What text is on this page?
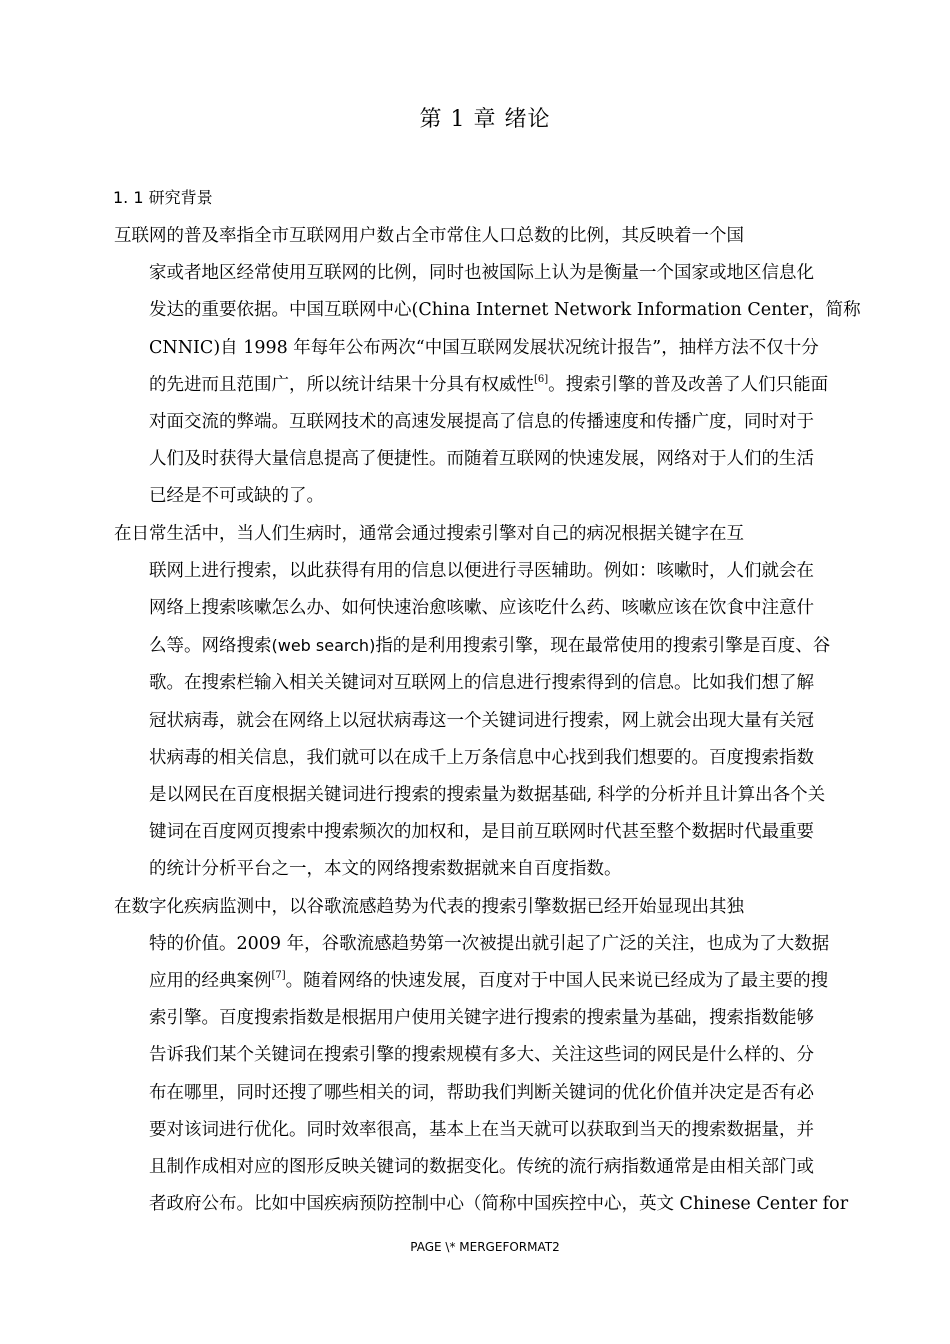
第 1 章 绪论
1. 1 研究背景

互联网的普及率指全市互联网用户数占全市常住人口总数的比例，其反映着一个国
家或者地区经常使用互联网的比例，同时也被国际上认为是衡量一个国家或地区信息化
发达的重要依据。中国互联网中心(China Internet Network Information Center，简称
CNNIC)自 1998 年每年公布两次“中国互联网发展状况统计报告”，抽样方法不仅十分
的先进而且范围广，所以统计结果十分具有权威性[6]。搜索引擎的普及改善了人们只能面
对面交流的弊端。互联网技术的高速发展提高了信息的传播速度和传播广度，同时对于
人们及时获得大量信息提高了便捷性。而随着互联网的快速发展，网络对于人们的生活
已经是不可或缺的了。

在日常生活中，当人们生病时，通常会通过搜索引擎对自己的病况根据关键字在互
联网上进行搜索，以此获得有用的信息以便进行寻医辅助。例如：咳嗽时，人们就会在
网络上搜索咳嗽怎么办、如何快速治愈咳嗽、应该吃什么药、咳嗽应该在饮食中注意什
么等。网络搜索(web search)指的是利用搜索引擎，现在最常使用的搜索引擎是百度、谷
歌。在搜索栏输入相关关键词对互联网上的信息进行搜索得到的信息。比如我们想了解
冠状病毒，就会在网络上以冠状病毒这一个关键词进行搜索，网上就会出现大量有关冠
状病毒的相关信息，我们就可以在成千上万条信息中心找到我们想要的。百度搜索指数
是以网民在百度根据关键词进行搜索的搜索量为数据基础, 科学的分析并且计算出各个关
键词在百度网页搜索中搜索频次的加权和，是目前互联网时代甚至整个数据时代最重要
的统计分析平台之一，本文的网络搜索数据就来自百度指数。

在数字化疾病监测中，以谷歌流感趋势为代表的搜索引擎数据已经开始显现出其独
特的价值。2009 年，谷歌流感趋势第一次被提出就引起了广泛的关注，也成为了大数据
应用的经典案例[7]。随着网络的快速发展，百度对于中国人民来说已经成为了最主要的搜
索引擎。百度搜索指数是根据用户使用关键字进行搜索的搜索量为基础，搜索指数能够
告诉我们某个关键词在搜索引擎的搜索规模有多大、关注这些词的网民是什么样的、分
布在哪里，同时还搜了哪些相关的词，帮助我们判断关键词的优化价值并决定是否有必
要对该词进行优化。同时效率很高，基本上在当天就可以获取到当天的搜索数据量，并
且制作成相对应的图形反映关键词的数据变化。传统的流行病指数通常是由相关部门或
者政府公布。比如中国疾病预防控制中心（简称中国疾控中心，英文 Chinese Center for

PAGE \* MERGEFORMAT2
